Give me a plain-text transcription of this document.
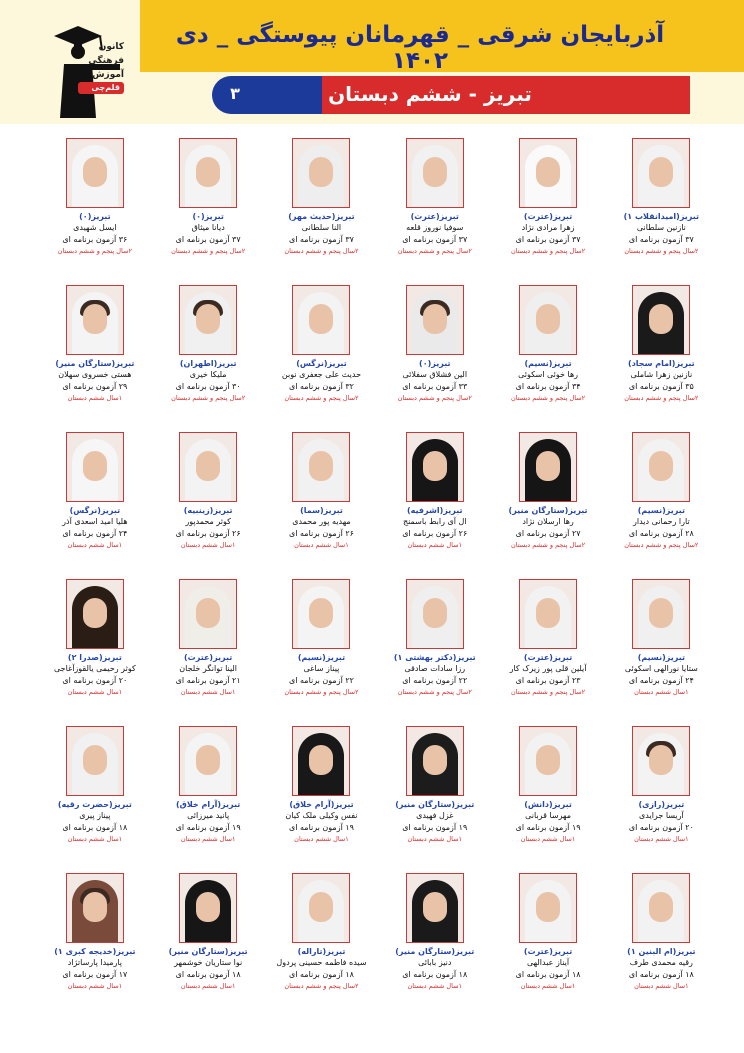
آذربایجان شرقی _ قهرمانان پیوستگی _ دی ۱۴۰۲
۳	تبریز - ششم دبستان
کانون
فرهنگی
آموزش
قلم‌چی
تبریز(امیدانقلاب ۱)
نازنین سلطانی
۳۷ آزمون برنامه ای
۲سال پنجم و ششم دبستان
تبریز(عترت)
زهرا مرادی نژاد
۳۷ آزمون برنامه ای
۲سال پنجم و ششم دبستان
تبریز(عترت)
سوفیا نوروز قلعه
۳۷ آزمون برنامه ای
۲سال پنجم و ششم دبستان
تبریز(حدیث مهر)
النا سلطانی
۳۷ آزمون برنامه ای
۲سال پنجم و ششم دبستان
تبریز(۰)
دیانا میثاق
۳۷ آزمون برنامه ای
۲سال پنجم و ششم دبستان
تبریز(۰)
ایسل شهیدی
۳۶ آزمون برنامه ای
۲سال پنجم و ششم دبستان
تبریز(امام سجاد)
نازنین زهرا شاملی
۳۵ آزمون برنامه ای
۲سال پنجم و ششم دبستان
تبریز(نسیم)
رها خوئی اسکوئی
۳۴ آزمون برنامه ای
۲سال پنجم و ششم دبستان
تبریز(۰)
الین فشلاق سفلائی
۳۳ آزمون برنامه ای
۲سال پنجم و ششم دبستان
تبریز(نرگس)
حدیث علی جعفری نوبن
۳۲ آزمون برنامه ای
۲سال پنجم و ششم دبستان
تبریز(اطهران)
ملیکا خیری
۳۰ آزمون برنامه ای
۲سال پنجم و ششم دبستان
تبریز(ستارگان منیر)
هستی خسروی سهلان
۲۹ آزمون برنامه ای
۱سال ششم دبستان
تبریز(نسیم)
تارا رحمانی دیدار
۲۸ آزمون برنامه ای
۲سال پنجم و ششم دبستان
تبریز(ستارگان منیر)
رها ارسلان نژاد
۲۷ آزمون برنامه ای
۲سال پنجم و ششم دبستان
تبریز(اشرفیه)
ال آی رابط باسمنج
۲۶ آزمون برنامه ای
۱سال ششم دبستان
تبریز(سما)
مهدیه پور محمدی
۲۶ آزمون برنامه ای
۱سال ششم دبستان
تبریز(زینبیه)
کوثر محمدپور
۲۶ آزمون برنامه ای
۱سال ششم دبستان
تبریز(نرگس)
هلیا امید اسعدی آذر
۲۴ آزمون برنامه ای
۱سال ششم دبستان
تبریز(نسیم)
ستایا نورالهی اسکوئی
۲۴ آزمون برنامه ای
۱سال ششم دبستان
تبریز(عترت)
آیلین قلی پور زیرک کار
۲۳ آزمون برنامه ای
۲سال پنجم و ششم دبستان
تبریز(دکتر بهشتی ۱)
رزا سادات صادقی
۲۲ آزمون برنامه ای
۲سال پنجم و ششم دبستان
تبریز(نسیم)
پیناز ساغی
۲۲ آزمون برنامه ای
۲سال پنجم و ششم دبستان
تبریز(عترت)
الینا توانگر خلجان
۲۱ آزمون برنامه ای
۱سال ششم دبستان
تبریز(صدرا ۲)
کوثر رحیمی یالقوزآغاجی
۲۰ آزمون برنامه ای
۱سال ششم دبستان
تبریز(رازی)
آریسا جرایدی
۲۰ آزمون برنامه ای
۱سال ششم دبستان
تبریز(دانش)
مهرسا قربانی
۱۹ آزمون برنامه ای
۱سال ششم دبستان
تبریز(ستارگان منیر)
غزل فهیدی
۱۹ آزمون برنامه ای
۱سال ششم دبستان
تبریز(آرام خلاق)
نفس وکیلی ملک کیان
۱۹ آزمون برنامه ای
۱سال ششم دبستان
تبریز(آرام خلاق)
پانید میرزائی
۱۹ آزمون برنامه ای
۱سال ششم دبستان
تبریز(حضرت رقیه)
پیناز پیری
۱۸ آزمون برنامه ای
۱سال ششم دبستان
تبریز(ام البنین ۱)
رقیه محمدی طرف
۱۸ آزمون برنامه ای
۱سال ششم دبستان
تبریز(عترت)
آیناز عبدالهی
۱۸ آزمون برنامه ای
۱سال ششم دبستان
تبریز(ستارگان منیر)
دنیز بابائی
۱۸ آزمون برنامه ای
۱سال ششم دبستان
تبریز(تاراله)
سیده فاطمه حسینی پردول
۱۸ آزمون برنامه ای
۲سال پنجم و ششم دبستان
تبریز(ستارگان منیر)
نوا ستاریان خوشمهر
۱۸ آزمون برنامه ای
۱سال ششم دبستان
تبریز(خدیجه کبری ۱)
پارمیدا پارساتژاد
۱۷ آزمون برنامه ای
۱سال ششم دبستان
